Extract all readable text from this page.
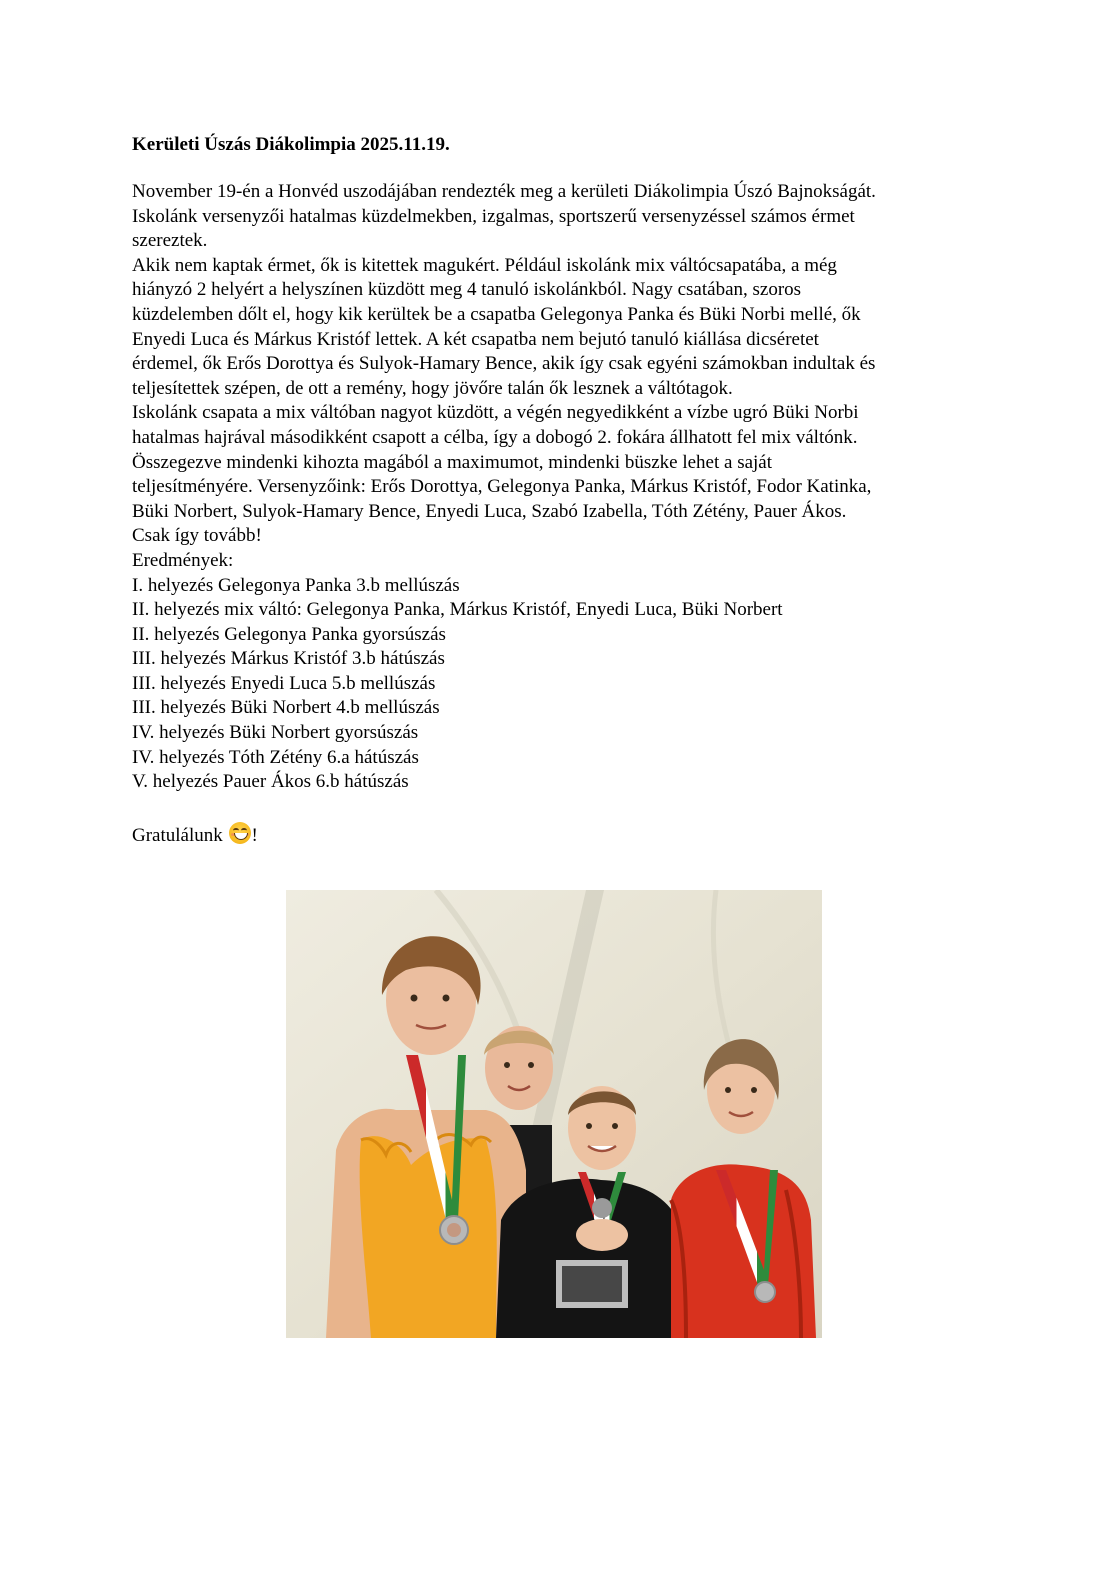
Kerületi Úszás Diákolimpia 2025.11.19.
November 19-én a Honvéd uszodájában rendezték meg a kerületi Diákolimpia Úszó Bajnokságát.
Iskolánk versenyzői hatalmas küzdelmekben, izgalmas, sportszerű versenyzéssel számos érmet
szereztek.
Akik nem kaptak érmet, ők is kitettek magukért. Például iskolánk mix váltócsapatába, a még
hiányzó 2 helyért a helyszínen küzdött meg 4 tanuló iskolánkból. Nagy csatában, szoros
küzdelemben dőlt el, hogy kik kerültek be a csapatba Gelegonya Panka és Büki Norbi mellé, ők
Enyedi Luca és Márkus Kristóf lettek. A két csapatba nem bejutó tanuló kiállása dicséretet
érdemel, ők Erős Dorottya és Sulyok-Hamary Bence, akik így csak egyéni számokban indultak és
teljesítettek szépen, de ott a remény, hogy jövőre talán ők lesznek a váltótagok.
Iskolánk csapata a mix váltóban nagyot küzdött, a végén negyedikként a vízbe ugró Büki Norbi
hatalmas hajrával másodikként csapott a célba, így a dobogó 2. fokára állhatott fel mix váltónk.
Összegezve mindenki kihozta magából a maximumot, mindenki büszke lehet a saját
teljesítményére. Versenyzőink: Erős Dorottya, Gelegonya Panka, Márkus Kristóf, Fodor Katinka,
Büki Norbert, Sulyok-Hamary Bence, Enyedi Luca, Szabó Izabella, Tóth Zétény, Pauer Ákos.
Csak így tovább!
Eredmények:
I. helyezés Gelegonya Panka 3.b mellúszás
II. helyezés mix váltó: Gelegonya Panka, Márkus Kristóf, Enyedi Luca, Büki Norbert
II. helyezés Gelegonya Panka gyorsúszás
III. helyezés Márkus Kristóf 3.b hátúszás
III. helyezés Enyedi Luca 5.b mellúszás
III. helyezés Büki Norbert 4.b mellúszás
IV. helyezés Büki Norbert gyorsúszás
IV. helyezés Tóth Zétény 6.a hátúszás
V. helyezés Pauer Ákos 6.b hátúszás
Gratulálunk !
